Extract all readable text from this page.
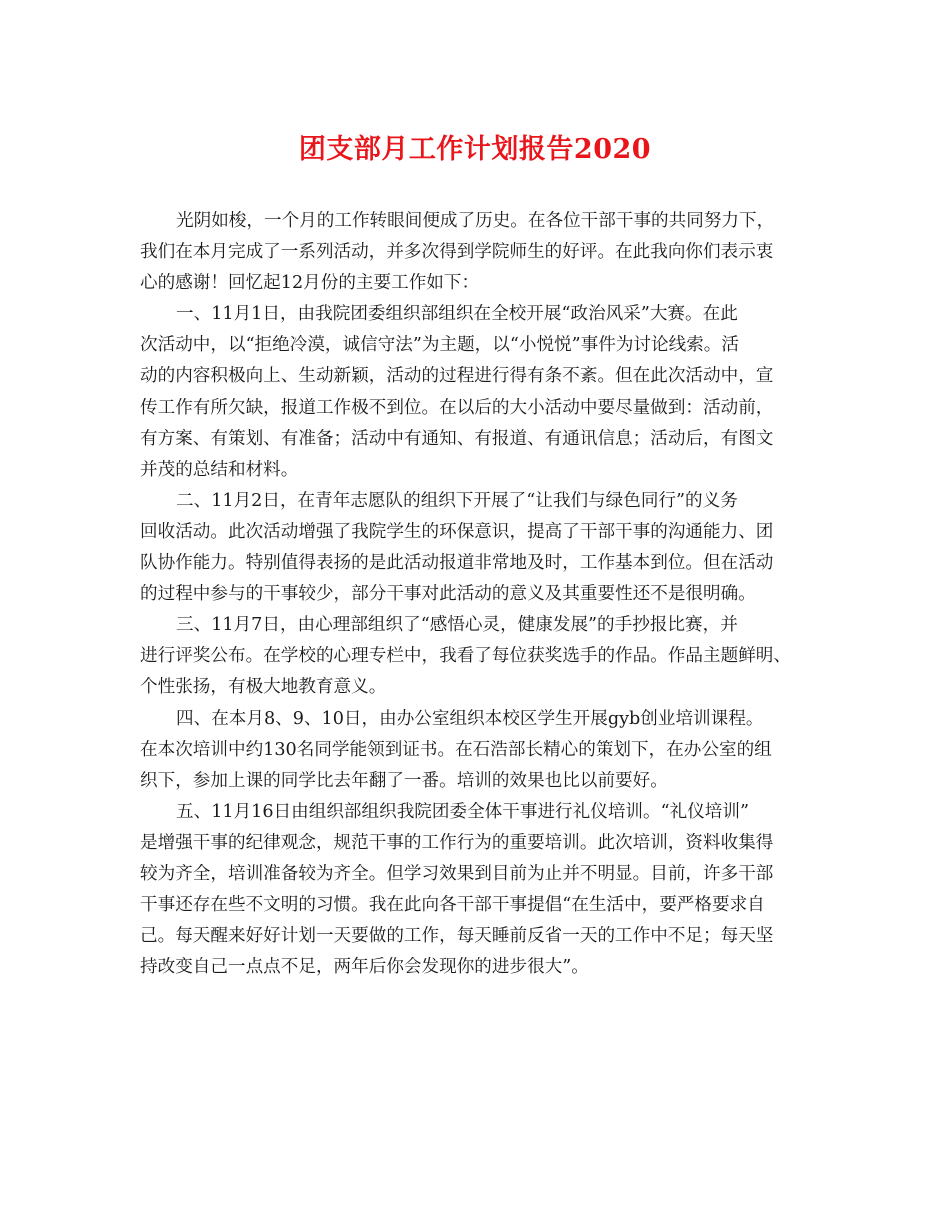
团支部月工作计划报告2020
光阴如梭，一个月的工作转眼间便成了历史。在各位干部干事的共同努力下，
我们在本月完成了一系列活动，并多次得到学院师生的好评。在此我向你们表示衷
心的感谢！回忆起12月份的主要工作如下：
一、11月1日，由我院团委组织部组织在全校开展“政治风采”大赛。在此
次活动中，以“拒绝冷漠，诚信守法”为主题，以“小悦悦”事件为讨论线索。活
动的内容积极向上、生动新颖，活动的过程进行得有条不紊。但在此次活动中，宣
传工作有所欠缺，报道工作极不到位。在以后的大小活动中要尽量做到：活动前，
有方案、有策划、有准备；活动中有通知、有报道、有通讯信息；活动后，有图文
并茂的总结和材料。
二、11月2日，在青年志愿队的组织下开展了“让我们与绿色同行”的义务
回收活动。此次活动增强了我院学生的环保意识，提高了干部干事的沟通能力、团
队协作能力。特别值得表扬的是此活动报道非常地及时，工作基本到位。但在活动
的过程中参与的干事较少，部分干事对此活动的意义及其重要性还不是很明确。
三、11月7日，由心理部组织了“感悟心灵，健康发展”的手抄报比赛，并
进行评奖公布。在学校的心理专栏中，我看了每位获奖选手的作品。作品主题鲜明、
个性张扬，有极大地教育意义。
四、在本月8、9、10日，由办公室组织本校区学生开展gyb创业培训课程。
在本次培训中约130名同学能领到证书。在石浩部长精心的策划下，在办公室的组
织下，参加上课的同学比去年翻了一番。培训的效果也比以前要好。
五、11月16日由组织部组织我院团委全体干事进行礼仪培训。“礼仪培训”
是增强干事的纪律观念，规范干事的工作行为的重要培训。此次培训，资料收集得
较为齐全，培训准备较为齐全。但学习效果到目前为止并不明显。目前，许多干部
干事还存在些不文明的习惯。我在此向各干部干事提倡“在生活中，要严格要求自
己。每天醒来好好计划一天要做的工作，每天睡前反省一天的工作中不足；每天坚
持改变自己一点点不足，两年后你会发现你的进步很大”。
